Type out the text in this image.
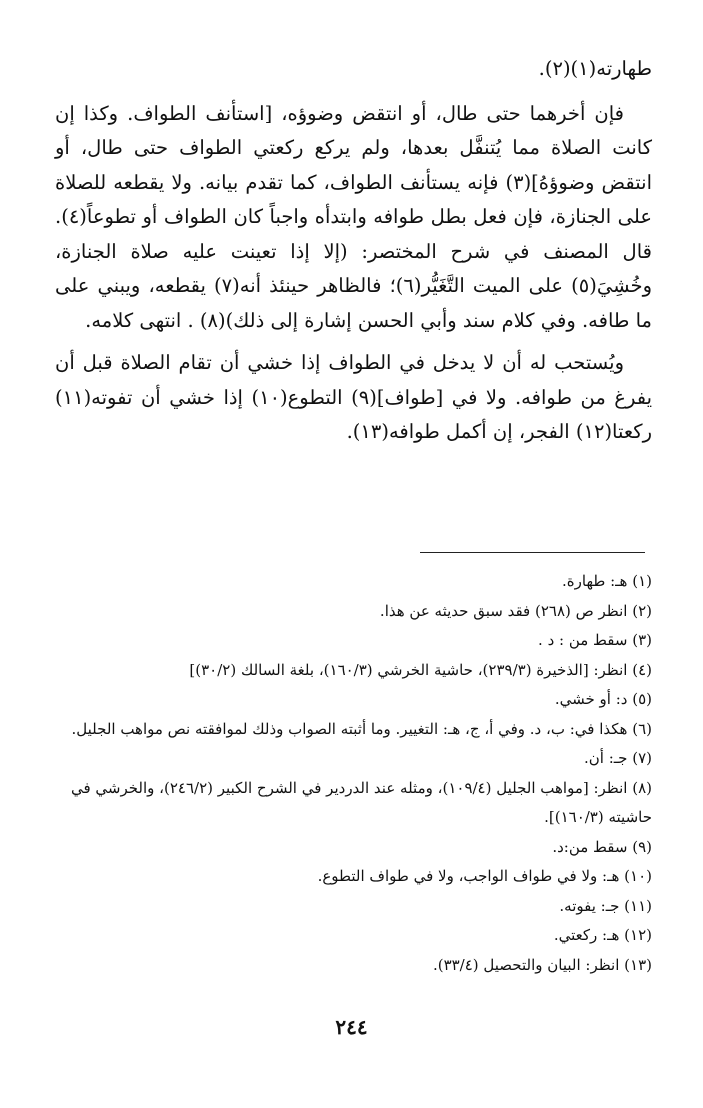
طهارته(١)(٢).

فإن أخرهما حتى طال، أو انتقض وضوؤه، [استأنف الطواف. وكذا إن كانت الصلاة مما يُتنفَّل بعدها، ولم يركع ركعتي الطواف حتى طال، أو انتقض وضوؤهُ](٣) فإنه يستأنف الطواف، كما تقدم بيانه. ولا يقطعه للصلاة على الجنازة، فإن فعل بطل طوافه وابتدأه واجباً كان الطواف أو تطوعاً(٤). قال المصنف في شرح المختصر: (إلا إذا تعينت عليه صلاة الجنازة، وخُشِيَ(٥) على الميت التَّغَيُّر(٦)؛ فالظاهر حينئذ أنه(٧) يقطعه، ويبني على ما طافه. وفي كلام سند وأبي الحسن إشارة إلى ذلك)(٨) . انتهى كلامه.

ويُستحب له أن لا يدخل في الطواف إذا خشي أن تقام الصلاة قبل أن يفرغ من طوافه. ولا في [طواف](٩) التطوع(١٠) إذا خشي أن تفوته(١١) ركعتا(١٢) الفجر، إن أكمل طوافه(١٣).

(١) هـ: طهارة.
(٢) انظر ص (٢٦٨) فقد سبق حديثه عن هذا.
(٣) سقط من : د .
(٤) انظر: [الذخيرة (٢٣٩/٣)، حاشية الخرشي (١٦٠/٣)، بلغة السالك (٣٠/٢)]
(٥) د: أو خشي.
(٦) هكذا في: ب، د. وفي أ، ج، هـ: التغيير. وما أثبته الصواب وذلك لموافقته نص مواهب الجليل.
(٧) جـ: أن.
(٨) انظر: [مواهب الجليل (١٠٩/٤)، ومثله عند الدردير في الشرح الكبير (٢٤٦/٢)، والخرشي في حاشيته (١٦٠/٣)].
(٩) سقط من:د.
(١٠) هـ: ولا في طواف الواجب، ولا في طواف التطوع.
(١١) جـ: يفوته.
(١٢) هـ: ركعتي.
(١٣) انظر: البيان والتحصيل (٣٣/٤).
٢٤٤
